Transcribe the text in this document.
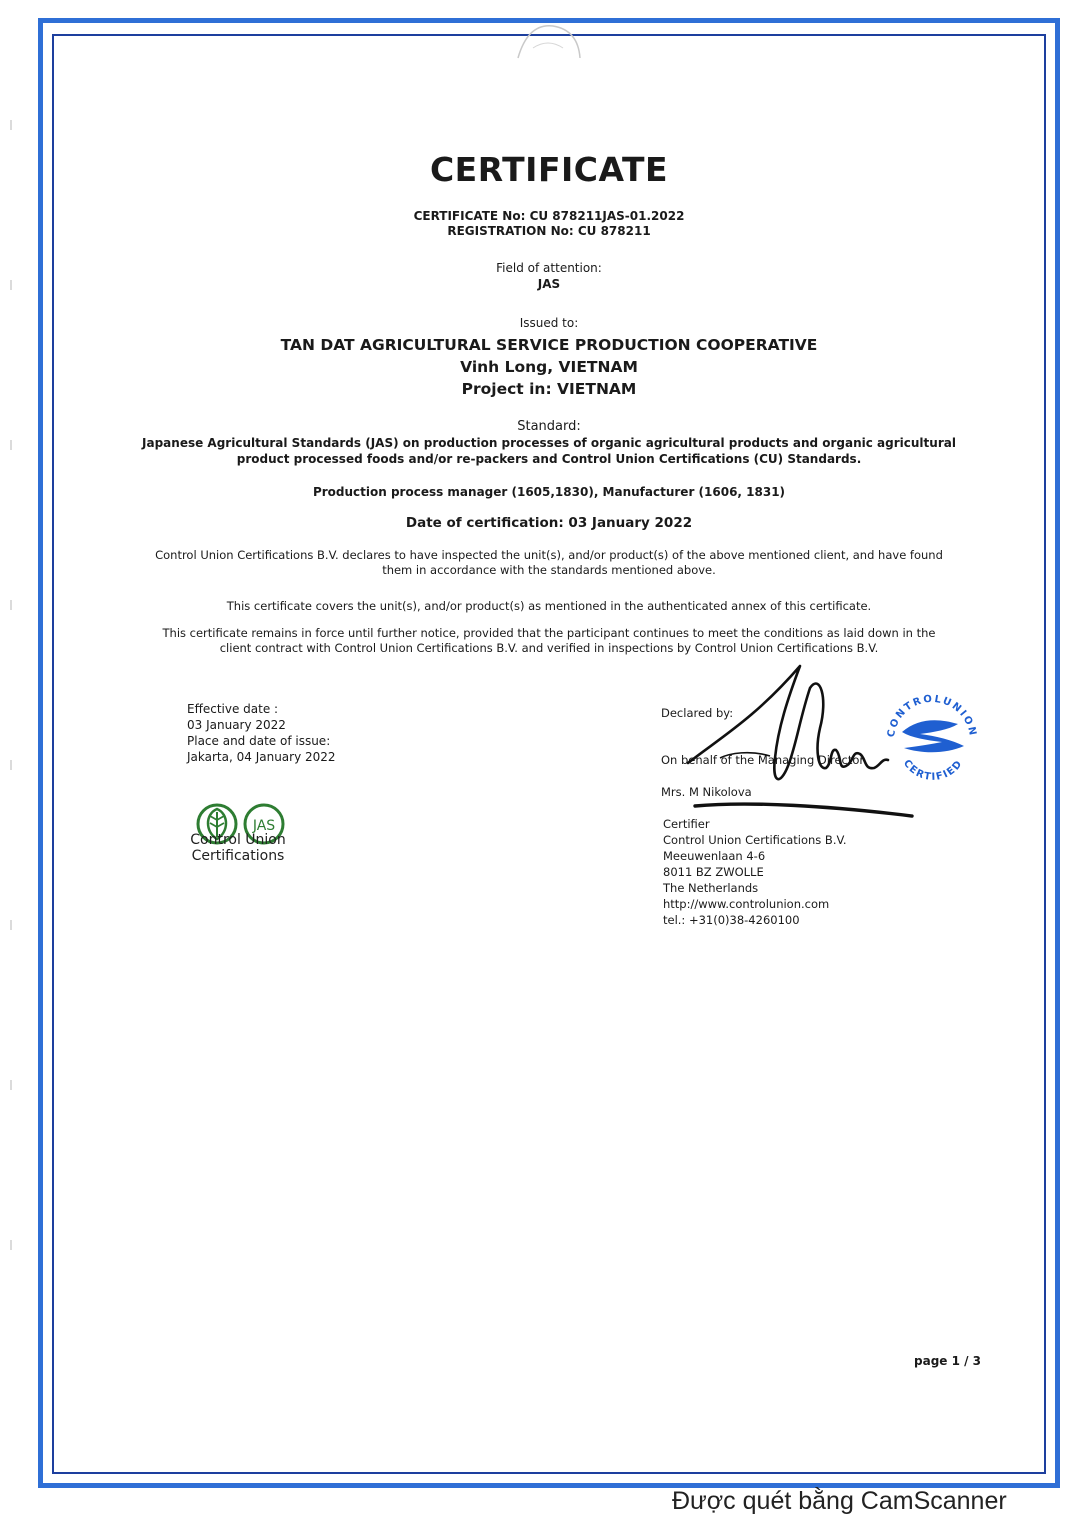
CERTIFICATE
CERTIFICATE No: CU 878211JAS-01.2022
REGISTRATION No: CU 878211
Field of attention:
JAS
Issued to:
TAN DAT AGRICULTURAL SERVICE PRODUCTION COOPERATIVE
Vinh Long, VIETNAM
Project in: VIETNAM
Standard:
Japanese Agricultural Standards (JAS) on production processes of organic agricultural products and organic agricultural
product processed foods and/or re-packers and Control Union Certifications (CU) Standards.
Production process manager (1605,1830), Manufacturer (1606, 1831)
Date of certification: 03 January 2022
Control Union Certifications B.V. declares to have inspected the unit(s), and/or product(s) of the above mentioned client, and have found
them in accordance with the standards mentioned above.
This certificate covers the unit(s), and/or product(s) as mentioned in the authenticated annex of this certificate.
This certificate remains in force until further notice, provided that the participant continues to meet the conditions as laid down in the
client contract with Control Union Certifications B.V. and verified in inspections by Control Union Certifications B.V.
Effective date :
03 January 2022
Place and date of issue:
Jakarta, 04 January 2022
JAS
Control Union
Certifications
Declared by:
On behalf of the Managing Director
Mrs. M Nikolova
CONTROLUNION
CERTIFIED
Certifier
Control Union Certifications B.V.
Meeuwenlaan 4-6
8011 BZ ZWOLLE
The Netherlands
http://www.controlunion.com
tel.: +31(0)38-4260100
page 1 / 3
Được quét bằng CamScanner
